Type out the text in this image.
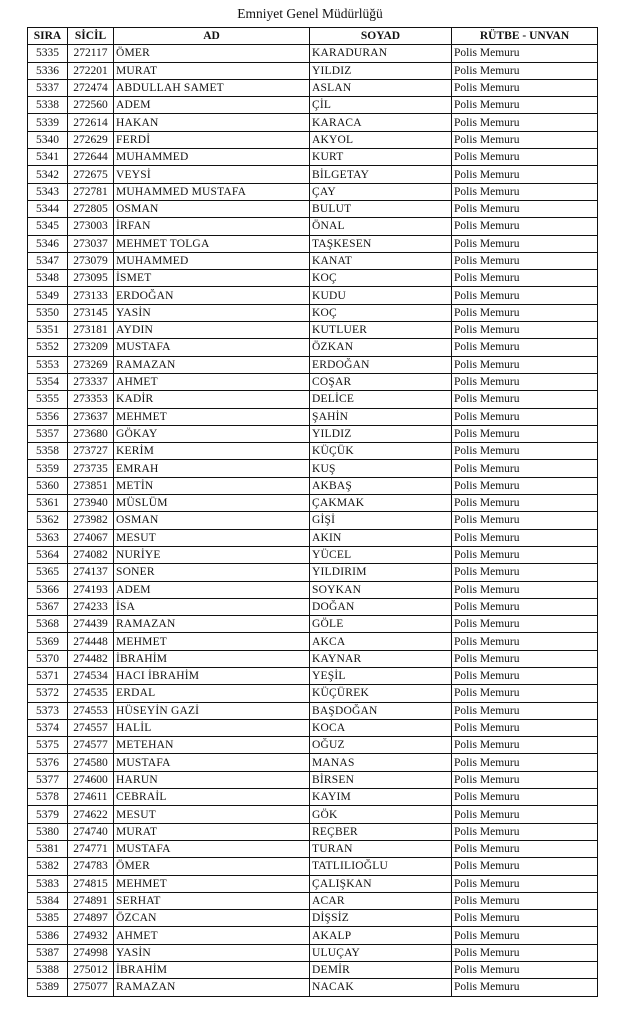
Emniyet Genel Müdürlüğü
SIRA	SİCİL	AD	SOYAD	RÜTBE - UNVAN
5335	272117	ÖMER	KARADURAN	Polis Memuru
5336	272201	MURAT	YILDIZ	Polis Memuru
5337	272474	ABDULLAH SAMET	ASLAN	Polis Memuru
5338	272560	ADEM	ÇİL	Polis Memuru
5339	272614	HAKAN	KARACA	Polis Memuru
5340	272629	FERDİ	AKYOL	Polis Memuru
5341	272644	MUHAMMED	KURT	Polis Memuru
5342	272675	VEYSİ	BİLGETAY	Polis Memuru
5343	272781	MUHAMMED MUSTAFA	ÇAY	Polis Memuru
5344	272805	OSMAN	BULUT	Polis Memuru
5345	273003	İRFAN	ÖNAL	Polis Memuru
5346	273037	MEHMET TOLGA	TAŞKESEN	Polis Memuru
5347	273079	MUHAMMED	KANAT	Polis Memuru
5348	273095	İSMET	KOÇ	Polis Memuru
5349	273133	ERDOĞAN	KUDU	Polis Memuru
5350	273145	YASİN	KOÇ	Polis Memuru
5351	273181	AYDIN	KUTLUER	Polis Memuru
5352	273209	MUSTAFA	ÖZKAN	Polis Memuru
5353	273269	RAMAZAN	ERDOĞAN	Polis Memuru
5354	273337	AHMET	COŞAR	Polis Memuru
5355	273353	KADİR	DELİCE	Polis Memuru
5356	273637	MEHMET	ŞAHİN	Polis Memuru
5357	273680	GÖKAY	YILDIZ	Polis Memuru
5358	273727	KERİM	KÜÇÜK	Polis Memuru
5359	273735	EMRAH	KUŞ	Polis Memuru
5360	273851	METİN	AKBAŞ	Polis Memuru
5361	273940	MÜSLÜM	ÇAKMAK	Polis Memuru
5362	273982	OSMAN	GİŞİ	Polis Memuru
5363	274067	MESUT	AKIN	Polis Memuru
5364	274082	NURİYE	YÜCEL	Polis Memuru
5365	274137	SONER	YILDIRIM	Polis Memuru
5366	274193	ADEM	SOYKAN	Polis Memuru
5367	274233	İSA	DOĞAN	Polis Memuru
5368	274439	RAMAZAN	GÖLE	Polis Memuru
5369	274448	MEHMET	AKCA	Polis Memuru
5370	274482	İBRAHİM	KAYNAR	Polis Memuru
5371	274534	HACI İBRAHİM	YEŞİL	Polis Memuru
5372	274535	ERDAL	KÜÇÜREK	Polis Memuru
5373	274553	HÜSEYİN GAZİ	BAŞDOĞAN	Polis Memuru
5374	274557	HALİL	KOCA	Polis Memuru
5375	274577	METEHAN	OĞUZ	Polis Memuru
5376	274580	MUSTAFA	MANAS	Polis Memuru
5377	274600	HARUN	BİRSEN	Polis Memuru
5378	274611	CEBRAİL	KAYIM	Polis Memuru
5379	274622	MESUT	GÖK	Polis Memuru
5380	274740	MURAT	REÇBER	Polis Memuru
5381	274771	MUSTAFA	TURAN	Polis Memuru
5382	274783	ÖMER	TATLILIOĞLU	Polis Memuru
5383	274815	MEHMET	ÇALIŞKAN	Polis Memuru
5384	274891	SERHAT	ACAR	Polis Memuru
5385	274897	ÖZCAN	DİŞSİZ	Polis Memuru
5386	274932	AHMET	AKALP	Polis Memuru
5387	274998	YASİN	ULUÇAY	Polis Memuru
5388	275012	İBRAHİM	DEMİR	Polis Memuru
5389	275077	RAMAZAN	NACAK	Polis Memuru
